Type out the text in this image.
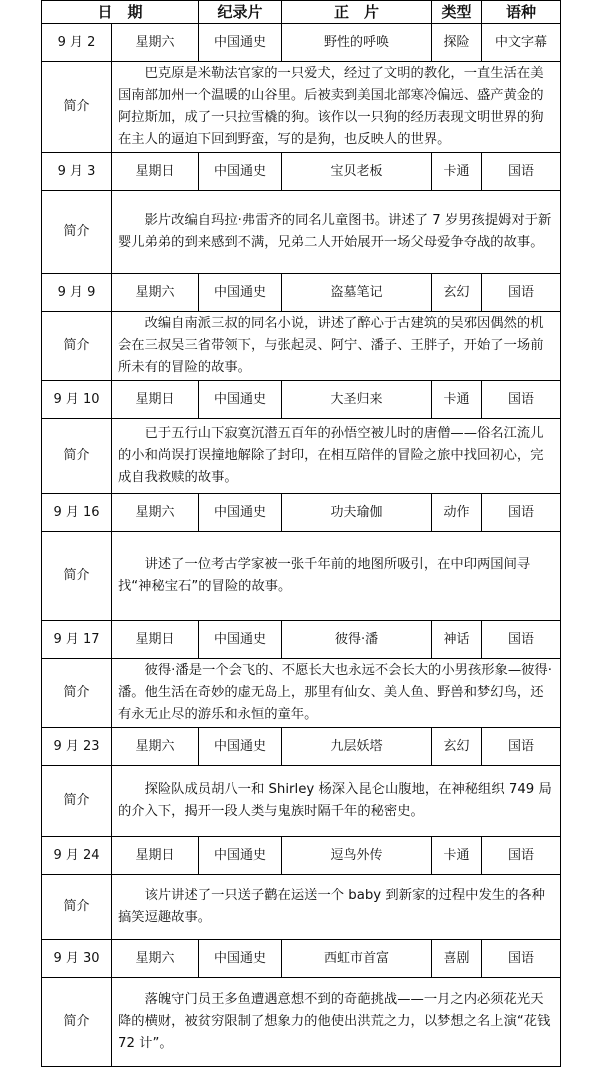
日　期		纪录片	正　片	类型	语种
9 月 2	星期六	中国通史	野性的呼唤	探险	中文字幕
简介	巴克原是米勒法官家的一只爱犬，经过了文明的教化，一直生活在美国南部加州一个温暖的山谷里。后被卖到美国北部寒冷偏远、盛产黄金的阿拉斯加，成了一只拉雪橇的狗。该作以一只狗的经历表现文明世界的狗在主人的逼迫下回到野蛮，写的是狗，也反映人的世界。				
9 月 3	星期日	中国通史	宝贝老板	卡通	国语
简介	影片改编自玛拉·弗雷齐的同名儿童图书。讲述了 7 岁男孩提姆对于新婴儿弟弟的到来感到不满，兄弟二人开始展开一场父母爱争夺战的故事。				
9 月 9	星期六	中国通史	盗墓笔记	玄幻	国语
简介	改编自南派三叔的同名小说，讲述了醉心于古建筑的吴邪因偶然的机会在三叔吴三省带领下，与张起灵、阿宁、潘子、王胖子，开始了一场前所未有的冒险的故事。				
9 月 10	星期日	中国通史	大圣归来	卡通	国语
简介	已于五行山下寂寞沉潜五百年的孙悟空被儿时的唐僧——俗名江流儿的小和尚误打误撞地解除了封印，在相互陪伴的冒险之旅中找回初心，完成自我救赎的故事。				
9 月 16	星期六	中国通史	功夫瑜伽	动作	国语
简介	讲述了一位考古学家被一张千年前的地图所吸引，在中印两国间寻找“神秘宝石”的冒险的故事。				
9 月 17	星期日	中国通史	彼得·潘	神话	国语
简介	彼得·潘是一个会飞的、不愿长大也永远不会长大的小男孩形象—彼得·潘。他生活在奇妙的虚无岛上，那里有仙女、美人鱼、野兽和梦幻鸟，还有永无止尽的游乐和永恒的童年。				
9 月 23	星期六	中国通史	九层妖塔	玄幻	国语
简介	探险队成员胡八一和 Shirley 杨深入昆仑山腹地，在神秘组织 749 局的介入下，揭开一段人类与鬼族时隔千年的秘密史。				
9 月 24	星期日	中国通史	逗鸟外传	卡通	国语
简介	该片讲述了一只送子鹳在运送一个 baby 到新家的过程中发生的各种搞笑逗趣故事。				
9 月 30	星期六	中国通史	西虹市首富	喜剧	国语
简介	落魄守门员王多鱼遭遇意想不到的奇葩挑战——一月之内必须花光天降的横财，被贫穷限制了想象力的他使出洪荒之力，以梦想之名上演“花钱 72 计”。				
